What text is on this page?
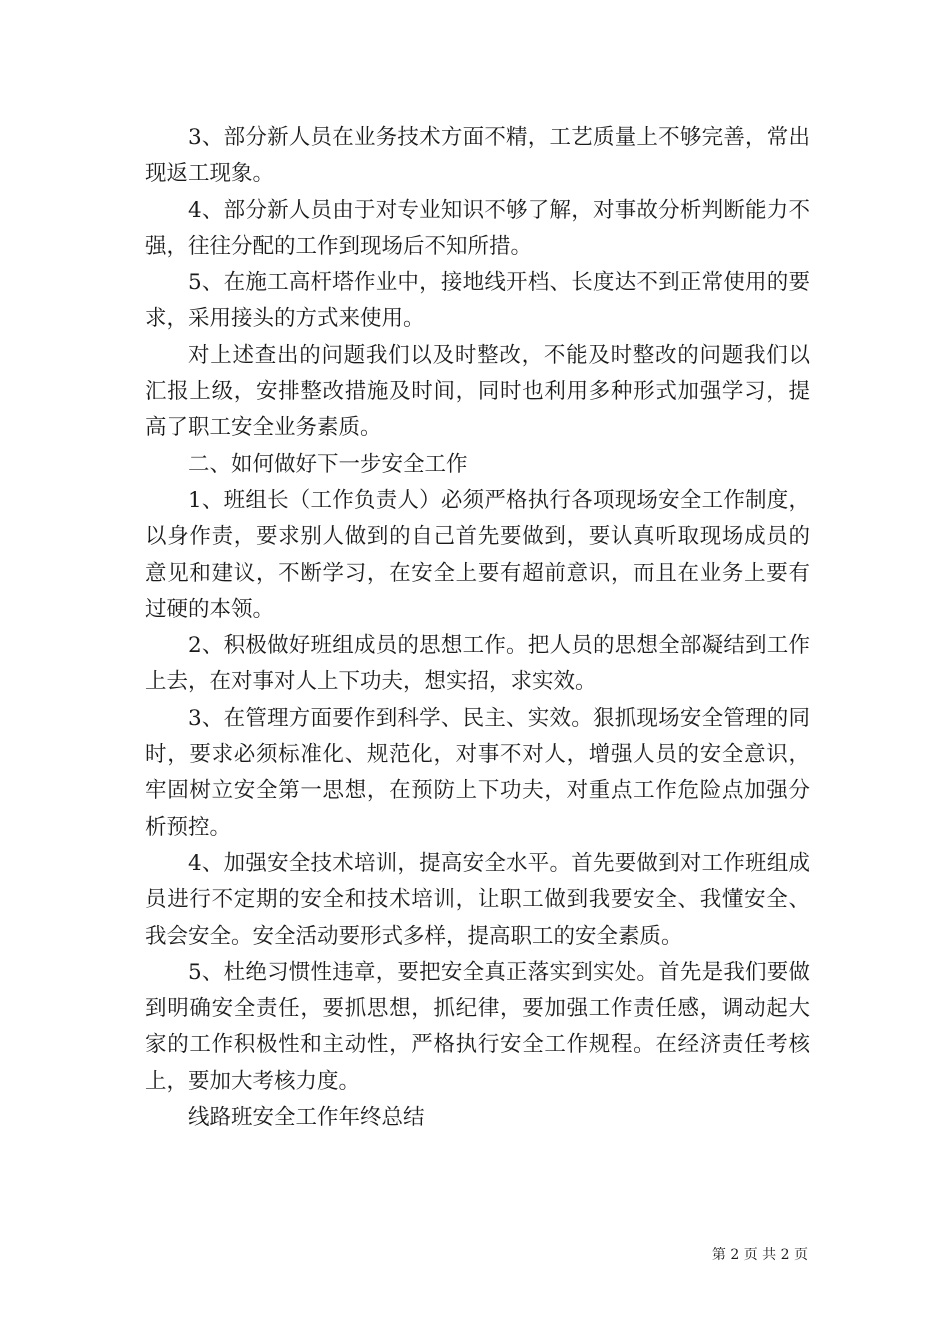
3、部分新人员在业务技术方面不精，工艺质量上不够完善，常出现返工现象。

4、部分新人员由于对专业知识不够了解，对事故分析判断能力不强，往往分配的工作到现场后不知所措。

5、在施工高杆塔作业中，接地线开档、长度达不到正常使用的要求，采用接头的方式来使用。

对上述查出的问题我们以及时整改，不能及时整改的问题我们以汇报上级，安排整改措施及时间，同时也利用多种形式加强学习，提高了职工安全业务素质。

二、如何做好下一步安全工作

1、班组长（工作负责人）必须严格执行各项现场安全工作制度，以身作责，要求别人做到的自己首先要做到，要认真听取现场成员的意见和建议，不断学习，在安全上要有超前意识，而且在业务上要有过硬的本领。

2、积极做好班组成员的思想工作。把人员的思想全部凝结到工作上去，在对事对人上下功夫，想实招，求实效。

3、在管理方面要作到科学、民主、实效。狠抓现场安全管理的同时，要求必须标准化、规范化，对事不对人，增强人员的安全意识，牢固树立安全第一思想，在预防上下功夫，对重点工作危险点加强分析预控。

4、加强安全技术培训，提高安全水平。首先要做到对工作班组成员进行不定期的安全和技术培训，让职工做到我要安全、我懂安全、我会安全。安全活动要形式多样，提高职工的安全素质。

5、杜绝习惯性违章，要把安全真正落实到实处。首先是我们要做到明确安全责任，要抓思想，抓纪律，要加强工作责任感，调动起大家的工作积极性和主动性，严格执行安全工作规程。在经济责任考核上，要加大考核力度。

线路班安全工作年终总结

第 2 页 共 2 页
